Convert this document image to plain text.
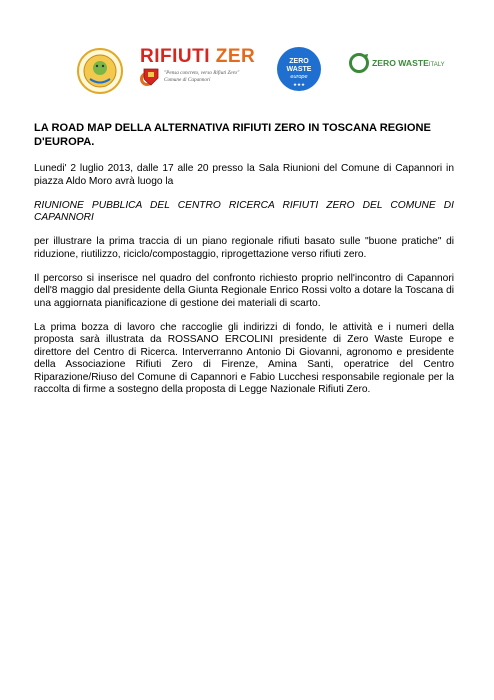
RIFIUTI ZER
"Pensa concreto, verso Rifiuti Zero"
Comune di Capannori
ZERO
WASTE
europe
★★★
ZERO WASTEITALY
LA ROAD MAP DELLA ALTERNATIVA RIFIUTI ZERO IN TOSCANA REGIONE D'EUROPA.

Lunedi' 2 luglio 2013, dalle 17 alle 20 presso la Sala Riunioni del Comune di Capannori in piazza Aldo Moro avrà luogo la

RIUNIONE PUBBLICA DEL CENTRO RICERCA RIFIUTI ZERO DEL COMUNE DI CAPANNORI

per illustrare la prima traccia di un piano regionale rifiuti basato sulle "buone pratiche" di riduzione, riutilizzo, riciclo/compostaggio, riprogettazione verso rifiuti zero.

Il percorso si inserisce nel quadro del confronto richiesto proprio nell'incontro di Capannori dell'8 maggio dal presidente della Giunta Regionale Enrico Rossi volto a dotare la Toscana di una aggiornata pianificazione di gestione dei materiali di scarto.

La prima bozza di lavoro che raccoglie gli indirizzi di fondo, le attività e i numeri della proposta sarà illustrata da ROSSANO ERCOLINI presidente di Zero Waste Europe e direttore del Centro di Ricerca. Interverranno Antonio Di Giovanni, agronomo e presidente della Associazione Rifiuti Zero di Firenze, Amina Santi, operatrice del Centro Riparazione/Riuso del Comune di Capannori e Fabio Lucchesi responsabile regionale per la raccolta di firme a sostegno della proposta di Legge Nazionale Rifiuti Zero.
